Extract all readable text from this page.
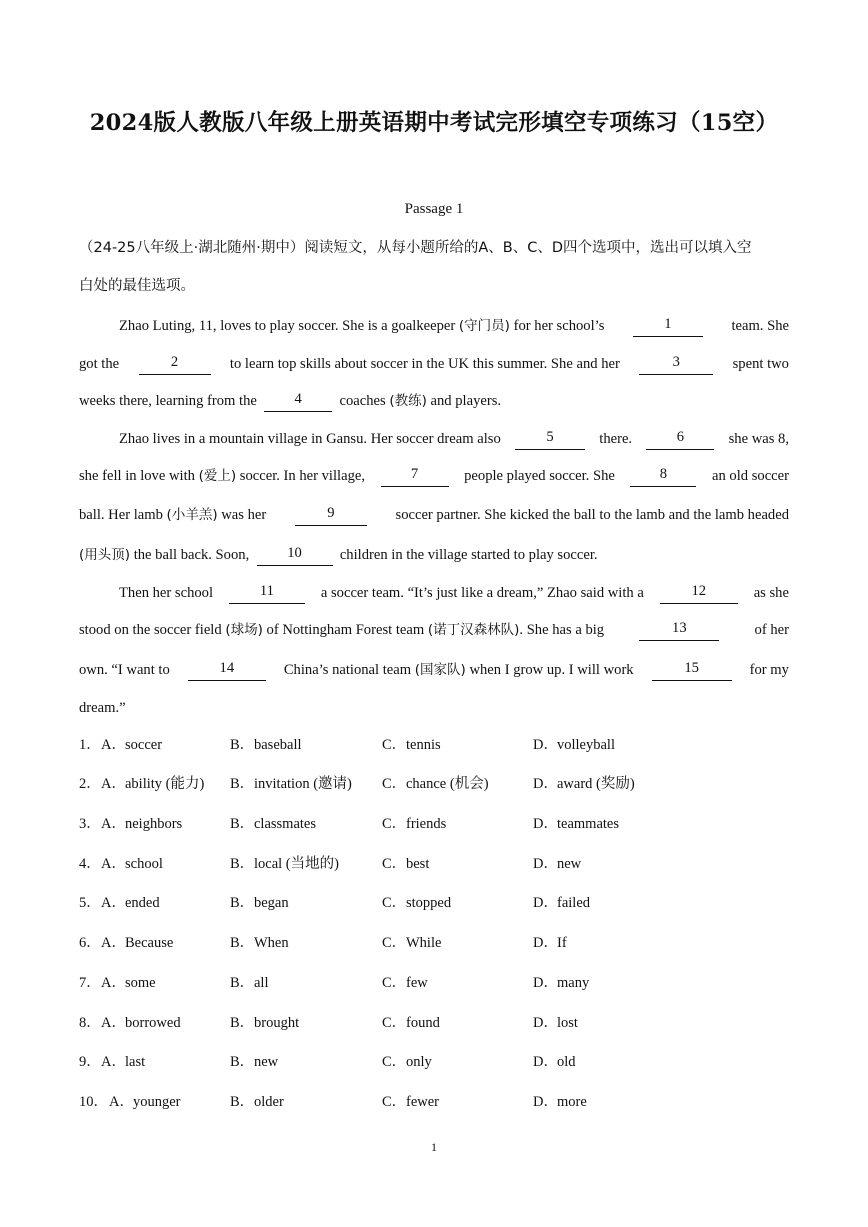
2024版人教版八年级上册英语期中考试完形填空专项练习（15空）
Passage 1
（24-25八年级上·湖北随州·期中）阅读短文，从每小题所给的A、B、C、D四个选项中，选出可以填入空
白处的最佳选项。
Zhao Luting, 11, loves to play soccer. She is a goalkeeper (守门员) for her school’s	1	team. She
got the	2	to learn top skills about soccer in the UK this summer. She and her	3	spent two
weeks there, learning from the
	4
	coaches (教练) and players.
Zhao lives in a mountain village in Gansu. Her soccer dream also	5	there.	6	she was 8,
she fell in love with (爱上) soccer. In her village,	7	people played soccer. She	8	an old soccer
ball. Her lamb (小羊羔) was her	9	soccer partner. She kicked the ball to the lamb and the lamb headed
(用头顶) the ball back. Soon,
	10
	children in the village started to play soccer.
Then her school	11	a soccer team. “It’s just like a dream,” Zhao said with a	12	as she
stood on the soccer field (球场) of Nottingham Forest team (诺丁汉森林队). She has a big	13	of her
own. “I want to	14	China’s national team (国家队) when I grow up. I will work	15	for my
dream.”
1． A．soccer	B．baseball	C．tennis	D．volleyball
2． A．ability (能力) B．invitation (邀请) C．chance (机会)	D．award (奖励)
3． A．neighbors	B．classmates	C．friends	D．teammates
4． A．school	B．local (当地的)	C．best	D．new
5． A．ended	B．began	C．stopped	D．failed
6． A．Because	B．When	C．While	D．If
7． A．some	B．all	C．few	D．many
8． A．borrowed	B．brought	C．found	D．lost
9． A．last	B．new	C．only	D．old
10． A．younger	B．older	C．fewer	D．more
1
